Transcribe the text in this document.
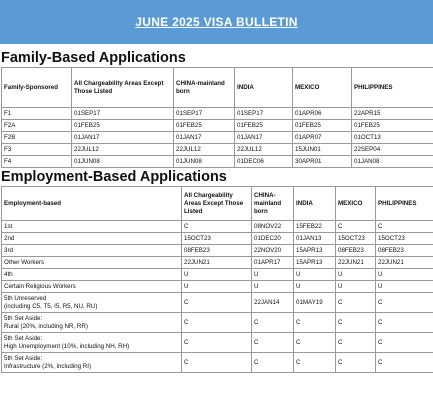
JUNE 2025 VISA BULLETIN
Family-Based Applications
Family-Sponsored	All Chargeability Areas Except Those Listed	CHINA-mainland born	INDIA	MEXICO	PHILIPPINES
F1	01SEP17	01SEP17	01SEP17	01APR06	22APR15
F2A	01FEB25	01FEB25	01FEB25	01FEB25	01FEB25
F2B	01JAN17	01JAN17	01JAN17	01APR07	01OCT13
F3	22JUL12	22JUL12	22JUL12	15JUN01	22SEP04
F4	01JUN08	01JUN08	01DEC06	30APR01	01JAN08
Employment-Based Applications
Employment-based	All Chargeability Areas Except Those Listed	CHINA-mainland born	INDIA	MEXICO	PHILIPPINES
1st	C	08NOV22	15FEB22	C	C
2nd	15OCT23	01DEC20	01JAN13	15OCT23	15OCT23
3rd	08FEB23	22NOV20	15APR13	08FEB23	08FEB23
Other Workers	22JUN21	01APR17	15APR13	22JUN21	22JUN21
4th	U	U	U	U	U
Certain Religious Workers	U	U	U	U	U
5th Unreserved
(including C5, T5, I5, R5, NU, RU)	C	22JAN14	01MAY19	C	C
5th Set Aside:
Rural (20%, including NR, RR)	C	C	C	C	C
5th Set Aside:
High Unemployment (10%, including NH, RH)	C	C	C	C	C
5th Set Aside:
Infrastructure (2%, including RI)	C	C	C	C	C
